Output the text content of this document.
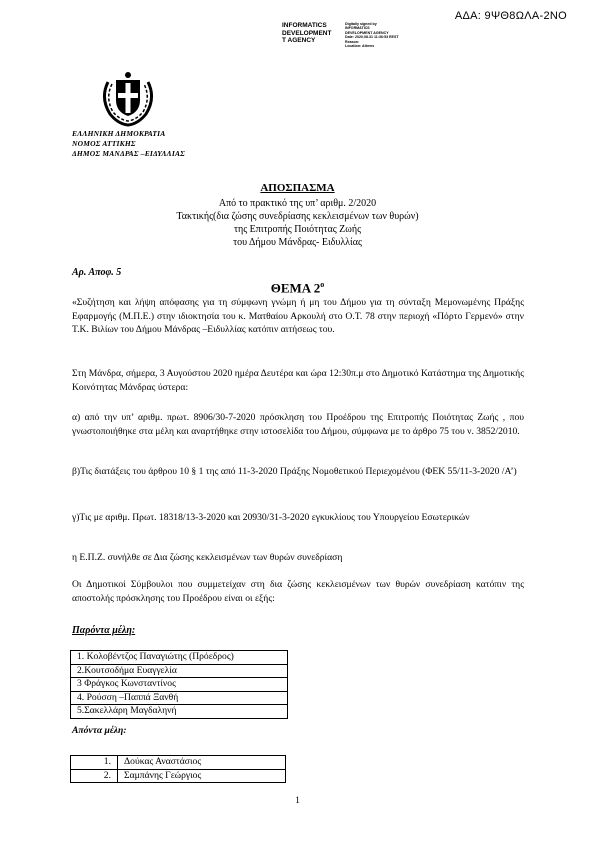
ΑΔΑ: 9ΨΘ8ΩΛΑ-2ΝΟ
INFORMATICS
DEVELOPMENT
T AGENCY
Digitally signed by
INFORMATICS
DEVELOPMENT AGENCY
Date: 2020.08.31 11:36:53 EEST
Reason:
Location: Athens
ΕΛΛΗΝΙΚΗ ΔΗΜΟΚΡΑΤΙΑ
ΝΟΜΟΣ ΑΤΤΙΚΗΣ
ΔΗΜΟΣ ΜΑΝΔΡΑΣ –ΕΙΔΥΛΛΙΑΣ
ΑΠΟΣΠΑΣΜΑ
Από το πρακτικό της υπ’ αριθμ. 2/2020
Τακτικής(δια ζώσης συνεδρίασης κεκλεισμένων των θυρών)
της Επιτροπής Ποιότητας Ζωής
του Δήμου Μάνδρας- Ειδυλλίας
Αρ. Αποφ. 5
ΘΕΜΑ $2^o$
«Συζήτηση και λήψη απόφασης για τη σύμφωνη γνώμη ή μη του Δήμου για τη σύνταξη Μεμονωμένης Πράξης Εφαρμογής (Μ.Π.Ε.) στην ιδιοκτησία του κ. Ματθαίου Αρκουλή στο Ο.Τ. 78 στην περιοχή «Πόρτο Γερμενό» στην Τ.Κ. Βιλίων του Δήμου Μάνδρας –Ειδυλλίας κατόπιν αιτήσεως του.
Στη Μάνδρα, σήμερα, 3 Αυγούστου 2020 ημέρα Δευτέρα και ώρα 12:30π.μ στο Δημοτικό Κατάστημα της Δημοτικής Κοινότητας Μάνδρας ύστερα:
α) από την υπ’ αριθμ. πρωτ. 8906/30-7-2020 πρόσκληση του Προέδρου της Επιτροπής Ποιότητας Ζωής , που γνωστοποιήθηκε στα μέλη και αναρτήθηκε στην ιστοσελίδα του Δήμου, σύμφωνα με το άρθρο 75 του ν. 3852/2010.
β)Τις διατάξεις του άρθρου 10 § 1 της από 11-3-2020 Πράξης Νομοθετικού Περιεχομένου (ΦΕΚ 55/11-3-2020 /Α’)
γ)Τις με αριθμ. Πρωτ. 18318/13-3-2020 και 20930/31-3-2020 εγκυκλίους του Υπουργείου Εσωτερικών
η Ε.Π.Ζ. συνήλθε σε Δια ζώσης κεκλεισμένων των θυρών συνεδρίαση
Οι Δημοτικοί Σύμβουλοι που συμμετείχαν στη δια ζώσης κεκλεισμένων των θυρών συνεδρίαση κατόπιν της αποστολής πρόσκλησης του Προέδρου είναι οι εξής:
Παρόντα μέλη:
1. Κολοβέντζος Παναγιώτης (Πρόεδρος)
2.Κουτσοδήμα Ευαγγελία
3 Φράγκος Κωνσταντίνος
4. Ρούσση –Παππά Ξανθή
5.Σακελλάρη Μαγδαληνή
Απόντα μέλη:
1.	Δούκας Αναστάσιος
2.	Σαμπάνης Γεώργιος
1
